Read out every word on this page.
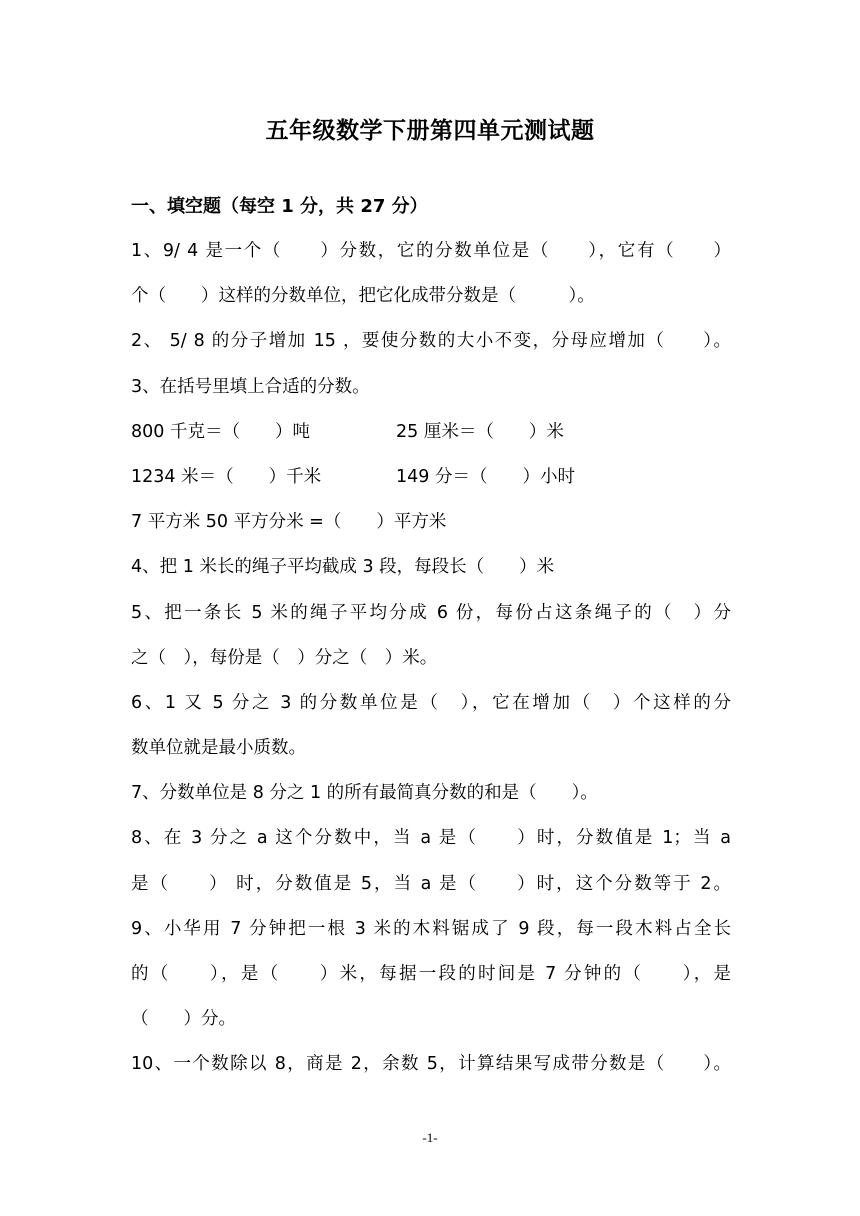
五年级数学下册第四单元测试题
一、填空题（每空 1 分，共 27 分）
1、9/ 4 是一个（　　）分数，它的分数单位是（　　），它有（　　）
个（　　）这样的分数单位，把它化成带分数是（　　　）。
2、 5/ 8 的分子增加 15 ，要使分数的大小不变，分母应增加（　　）。
3、在括号里填上合适的分数。
800 千克＝（　　）吨	25 厘米＝（　　）米
1234 米＝（　　）千米	149 分＝（　　）小时
7 平方米 50 平方分米 =（　　）平方米
4、把 1 米长的绳子平均截成 3 段，每段长（　　）米
5、把一条长 5 米的绳子平均分成 6 份，每份占这条绳子的（　）分
之（　），每份是（　）分之（　）米。
6、1 又 5 分之 3 的分数单位是（　），它在增加（　）个这样的分
数单位就是最小质数。
7、分数单位是 8 分之 1 的所有最简真分数的和是（　　）。
8、在 3 分之 a 这个分数中，当 a 是（　　）时，分数值是 1；当 a
是（　　） 时，分数值是 5，当 a 是（　　）时，这个分数等于 2。
9、小华用 7 分钟把一根 3 米的木料锯成了 9 段，每一段木料占全长
的（　　），是（　　）米，每据一段的时间是 7 分钟的（　　），是
（　　）分。
10、一个数除以 8，商是 2，余数 5，计算结果写成带分数是（　　）。
-1-
